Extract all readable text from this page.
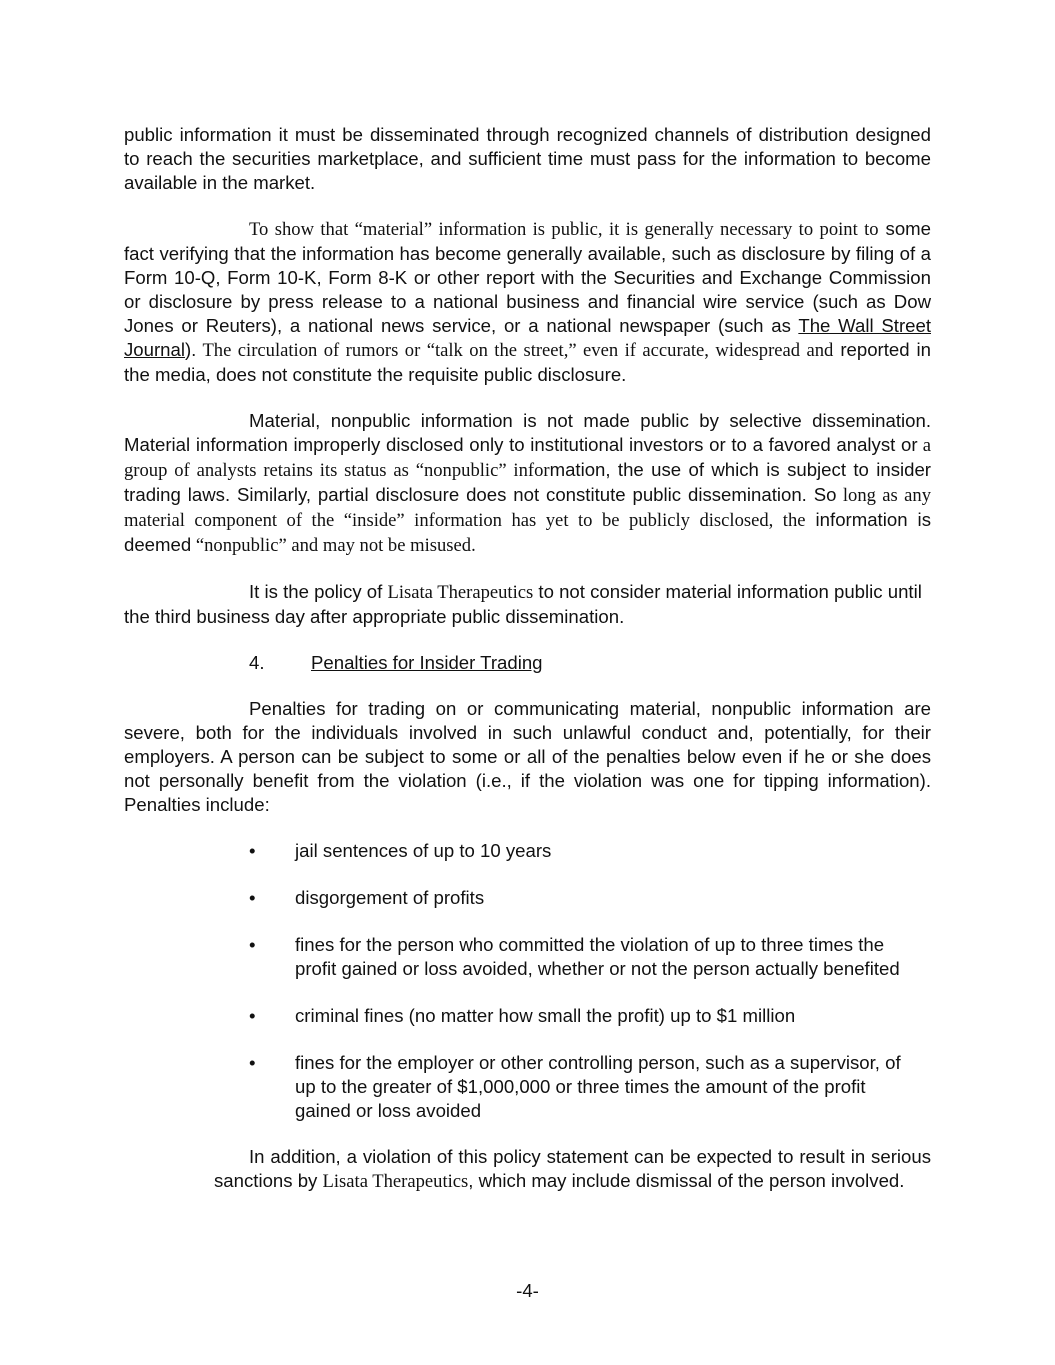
public information it must be disseminated through recognized channels of distribution designed to reach the securities marketplace, and sufficient time must pass for the information to become available in the market.

To show that “material” information is public, it is generally necessary to point to some fact verifying that the information has become generally available, such as disclosure by filing of a Form 10-Q, Form 10-K, Form 8-K or other report with the Securities and Exchange Commission or disclosure by press release to a national business and financial wire service (such as Dow Jones or Reuters), a national news service, or a national newspaper (such as The Wall Street Journal). The circulation of rumors or “talk on the street,” even if accurate, widespread and reported in the media, does not constitute the requisite public disclosure.

Material, nonpublic information is not made public by selective dissemination. Material information improperly disclosed only to institutional investors or to a favored analyst or a group of analysts retains its status as “nonpublic” information, the use of which is subject to insider trading laws. Similarly, partial disclosure does not constitute public dissemination. So long as any material component of the “inside” information has yet to be publicly disclosed, the information is deemed “nonpublic” and may not be misused.

It is the policy of Lisata Therapeutics to not consider material information public until the third business day after appropriate public dissemination.

4.	Penalties for Insider Trading

Penalties for trading on or communicating material, nonpublic information are severe, both for the individuals involved in such unlawful conduct and, potentially, for their employers. A person can be subject to some or all of the penalties below even if he or she does not personally benefit from the violation (i.e., if the violation was one for tipping information). Penalties include:

•	jail sentences of up to 10 years
•	disgorgement of profits
•	fines for the person who committed the violation of up to three times the profit gained or loss avoided, whether or not the person actually benefited
•	criminal fines (no matter how small the profit) up to $1 million
•	fines for the employer or other controlling person, such as a supervisor, of up to the greater of $1,000,000 or three times the amount of the profit gained or loss avoided

In addition, a violation of this policy statement can be expected to result in serious sanctions by Lisata Therapeutics, which may include dismissal of the person involved.

-4-
